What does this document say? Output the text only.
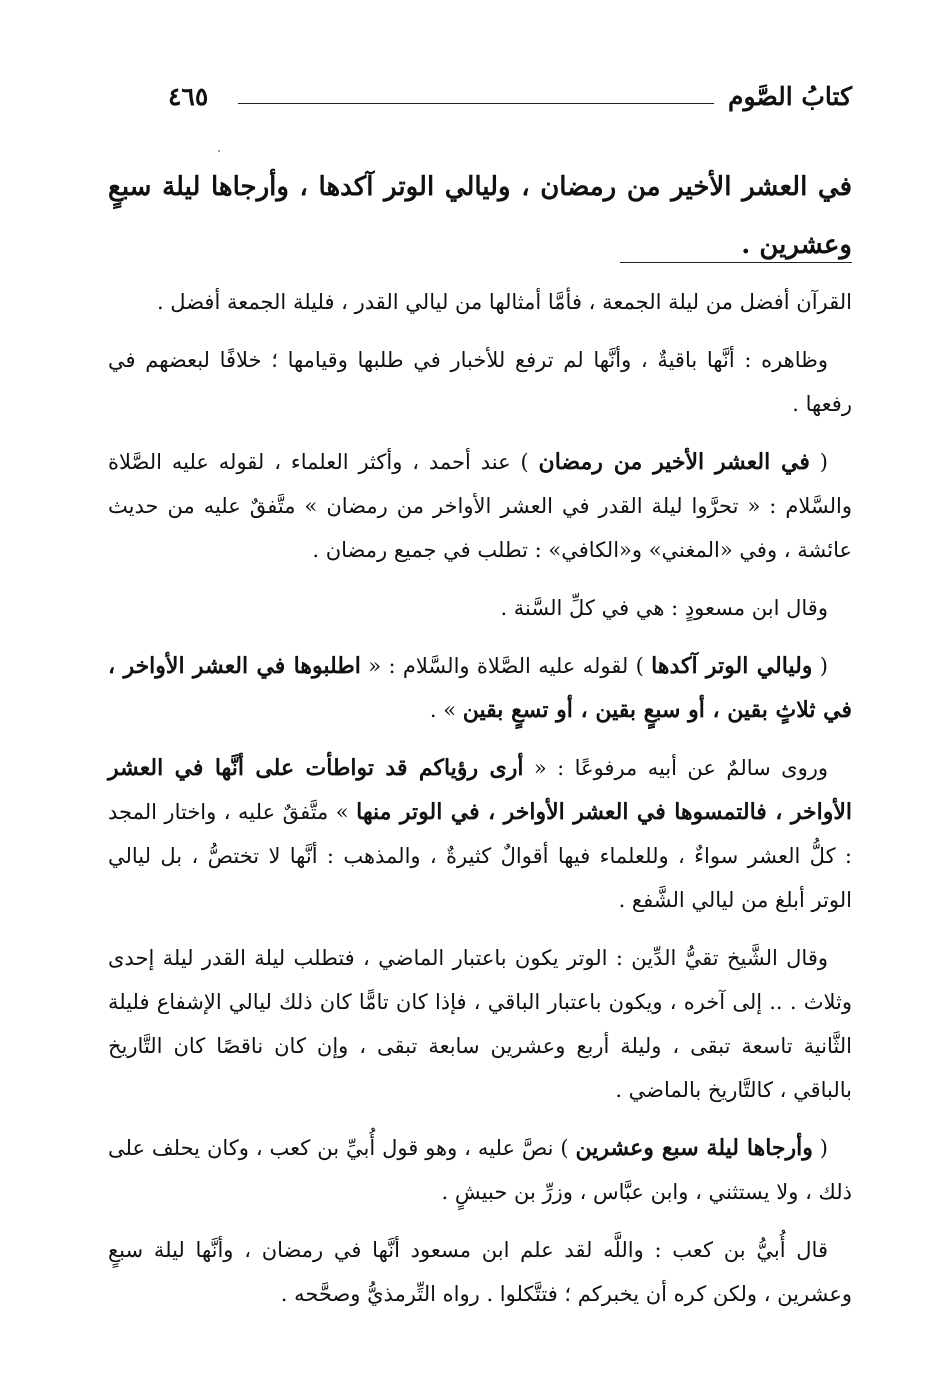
كتابُ الصَّوم
٤٦٥
في العشر الأخير من رمضان ، وليالي الوتر آكدها ، وأرجاها ليلة سبعٍ وعشرين .

القرآن أفضل من ليلة الجمعة ، فأمَّا أمثالها من ليالي القدر ، فليلة الجمعة أفضل .

وظاهره : أنَّها باقيةٌ ، وأنَّها لم ترفع للأخبار في طلبها وقيامها ؛ خلافًا لبعضهم في رفعها .

( في العشر الأخير من رمضان ) عند أحمد ، وأكثر العلماء ، لقوله عليه الصَّلاة والسَّلام : « تحرَّوا ليلة القدر في العشر الأواخر من رمضان » متَّفقٌ عليه من حديث عائشة ، وفي «المغني» و«الكافي» : تطلب في جميع رمضان .

وقال ابن مسعودٍ : هي في كلِّ السَّنة .

( وليالي الوتر آكدها ) لقوله عليه الصَّلاة والسَّلام : « اطلبوها في العشر الأواخر ، في ثلاثٍ بقين ، أو سبعٍ بقين ، أو تسعٍ بقين » .

وروى سالمٌ عن أبيه مرفوعًا : « أرى رؤياكم قد تواطأت على أنَّها في العشر الأواخر ، فالتمسوها في العشر الأواخر ، في الوتر منها » متَّفقٌ عليه ، واختار المجد : كلُّ العشر سواءٌ ، وللعلماء فيها أقوالٌ كثيرةٌ ، والمذهب : أنَّها لا تختصُّ ، بل ليالي الوتر أبلغ من ليالي الشَّفع .

وقال الشَّيخ تقيُّ الدِّين : الوتر يكون باعتبار الماضي ، فتطلب ليلة القدر ليلة إحدى وثلاث . .. إلى آخره ، ويكون باعتبار الباقي ، فإذا كان تامًّا كان ذلك ليالي الإشفاع فليلة الثَّانية تاسعة تبقى ، وليلة أربع وعشرين سابعة تبقى ، وإن كان ناقصًا كان التَّاريخ بالباقي ، كالتَّاريخ بالماضي .

( وأرجاها ليلة سبع وعشرين ) نصَّ عليه ، وهو قول أُبيِّ بن كعب ، وكان يحلف على ذلك ، ولا يستثني ، وابن عبَّاس ، وزرِّ بن حبيشٍ .

قال أُبيُّ بن كعب : واللَّه لقد علم ابن مسعود أنَّها في رمضان ، وأنَّها ليلة سبعٍ وعشرين ، ولكن كره أن يخبركم ؛ فتتَّكلوا . رواه التِّرمذيُّ وصحَّحه .
